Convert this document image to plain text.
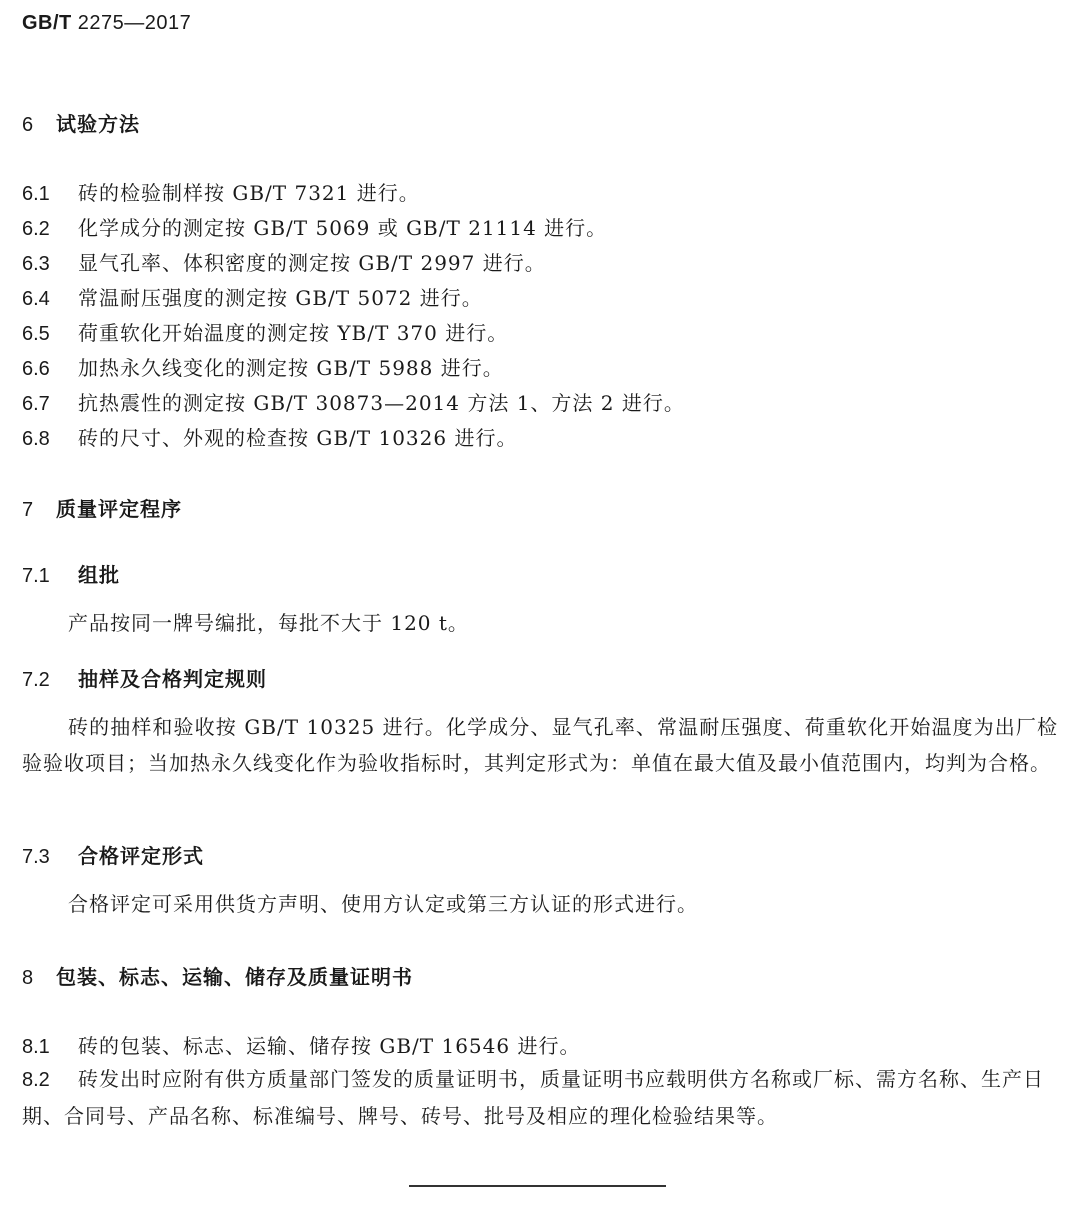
GB/T 2275—2017
6 试验方法
6.1 砖的检验制样按 GB/T 7321 进行。
6.2 化学成分的测定按 GB/T 5069 或 GB/T 21114 进行。
6.3 显气孔率、体积密度的测定按 GB/T 2997 进行。
6.4 常温耐压强度的测定按 GB/T 5072 进行。
6.5 荷重软化开始温度的测定按 YB/T 370 进行。
6.6 加热永久线变化的测定按 GB/T 5988 进行。
6.7 抗热震性的测定按 GB/T 30873—2014 方法 1、方法 2 进行。
6.8 砖的尺寸、外观的检查按 GB/T 10326 进行。
7 质量评定程序
7.1 组批
产品按同一牌号编批，每批不大于 120 t。
7.2 抽样及合格判定规则
砖的抽样和验收按 GB/T 10325 进行。化学成分、显气孔率、常温耐压强度、荷重软化开始温度为出厂检验验收项目；当加热永久线变化作为验收指标时，其判定形式为：单值在最大值及最小值范围内，均判为合格。
7.3 合格评定形式
合格评定可采用供货方声明、使用方认定或第三方认证的形式进行。
8 包装、标志、运输、储存及质量证明书
8.1 砖的包装、标志、运输、储存按 GB/T 16546 进行。
8.2 砖发出时应附有供方质量部门签发的质量证明书，质量证明书应载明供方名称或厂标、需方名称、生产日期、合同号、产品名称、标准编号、牌号、砖号、批号及相应的理化检验结果等。
